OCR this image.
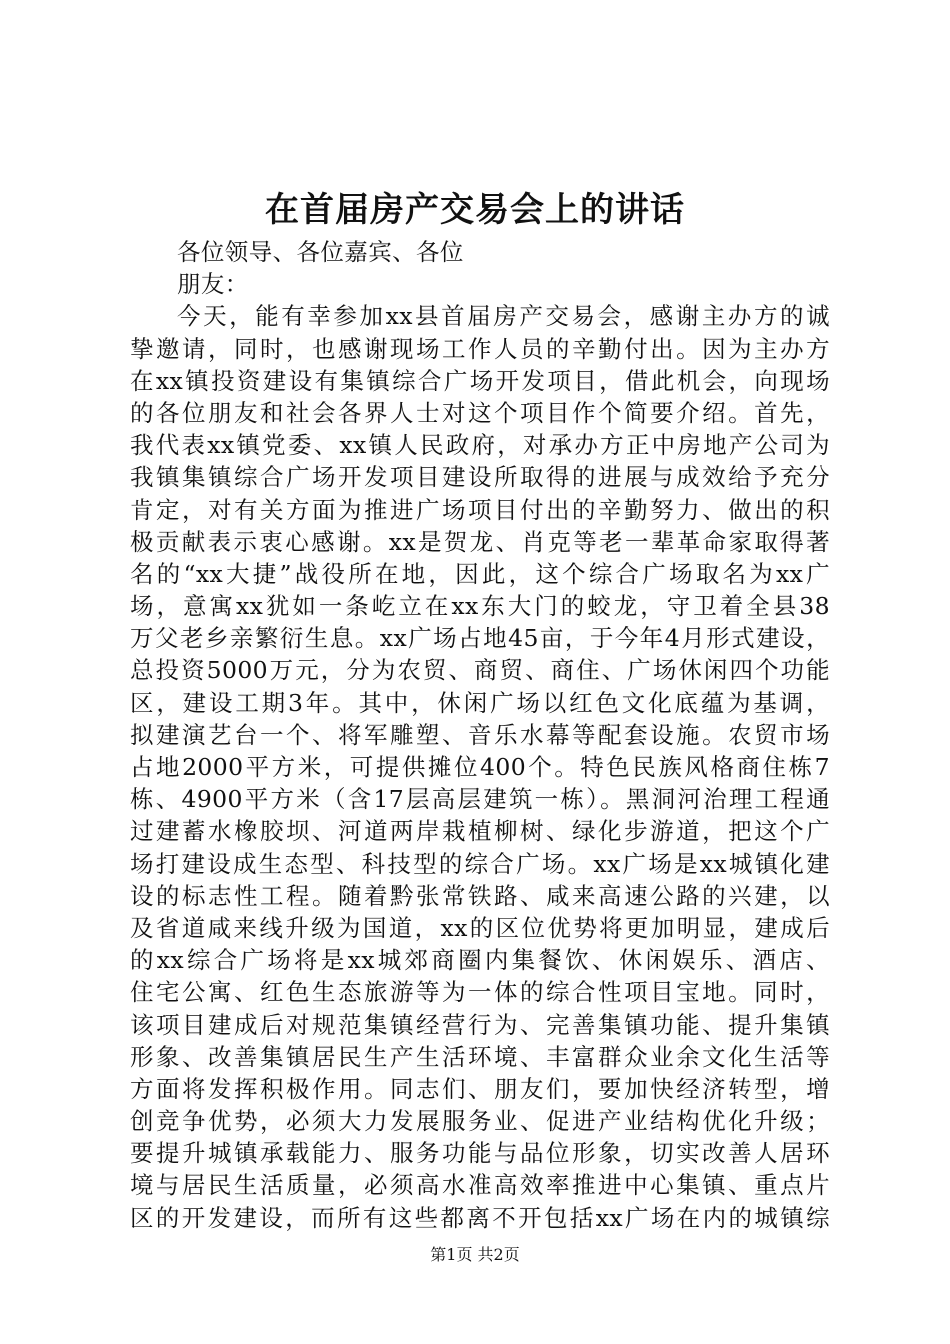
在首届房产交易会上的讲话
各位领导、各位嘉宾、各位
朋友：
今天，能有幸参加xx县首届房产交易会，感谢主办方的诚
挚邀请，同时，也感谢现场工作人员的辛勤付出。因为主办方
在xx镇投资建设有集镇综合广场开发项目，借此机会，向现场
的各位朋友和社会各界人士对这个项目作个简要介绍。首先，
我代表xx镇党委、xx镇人民政府，对承办方正中房地产公司为
我镇集镇综合广场开发项目建设所取得的进展与成效给予充分
肯定，对有关方面为推进广场项目付出的辛勤努力、做出的积
极贡献表示衷心感谢。xx是贺龙、肖克等老一辈革命家取得著
名的“xx大捷”战役所在地，因此，这个综合广场取名为xx广
场，意寓xx犹如一条屹立在xx东大门的蛟龙，守卫着全县38
万父老乡亲繁衍生息。xx广场占地45亩，于今年4月形式建设，
总投资5000万元，分为农贸、商贸、商住、广场休闲四个功能
区，建设工期3年。其中，休闲广场以红色文化底蕴为基调，
拟建演艺台一个、将军雕塑、音乐水幕等配套设施。农贸市场
占地2000平方米，可提供摊位400个。特色民族风格商住栋7
栋、4900平方米（含17层高层建筑一栋）。黑洞河治理工程通
过建蓄水橡胶坝、河道两岸栽植柳树、绿化步游道，把这个广
场打建设成生态型、科技型的综合广场。xx广场是xx城镇化建
设的标志性工程。随着黔张常铁路、咸来高速公路的兴建，以
及省道咸来线升级为国道，xx的区位优势将更加明显，建成后
的xx综合广场将是xx城郊商圈内集餐饮、休闲娱乐、酒店、
住宅公寓、红色生态旅游等为一体的综合性项目宝地。同时，
该项目建成后对规范集镇经营行为、完善集镇功能、提升集镇
形象、改善集镇居民生产生活环境、丰富群众业余文化生活等
方面将发挥积极作用。同志们、朋友们，要加快经济转型，增
创竞争优势，必须大力发展服务业、促进产业结构优化升级；
要提升城镇承载能力、服务功能与品位形象，切实改善人居环
境与居民生活质量，必须高水准高效率推进中心集镇、重点片
区的开发建设，而所有这些都离不开包括xx广场在内的城镇综
第1页 共2页
